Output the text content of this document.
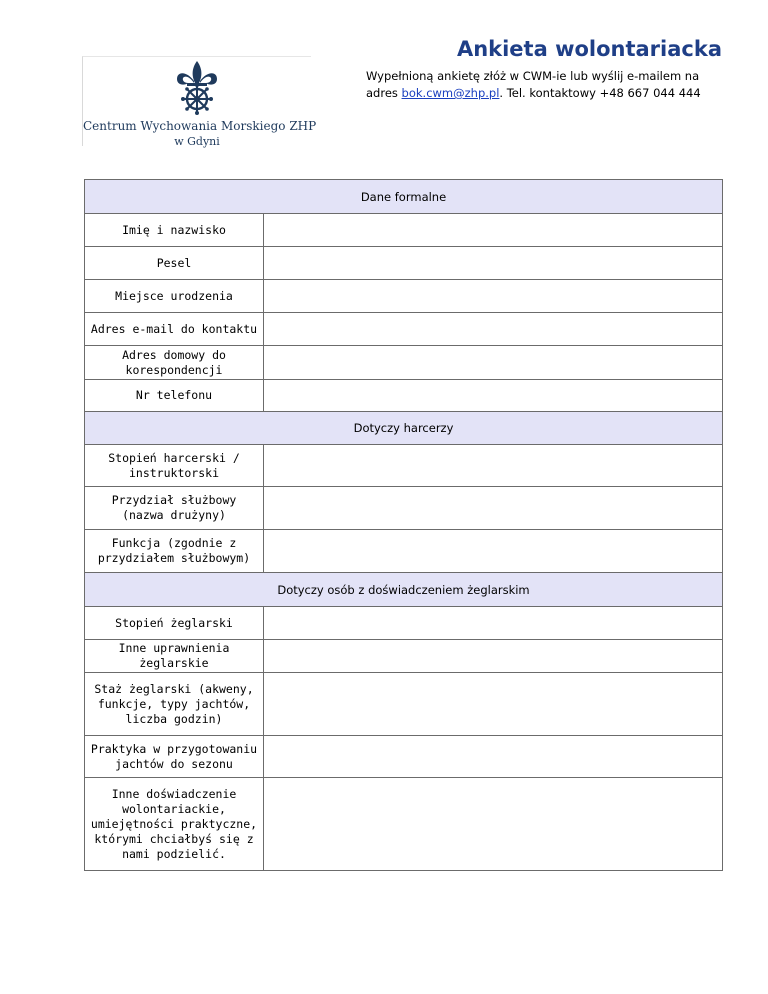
Centrum Wychowania Morskiego ZHP
w Gdyni
Ankieta wolontariacka
Wypełnioną ankietę złóż w CWM-ie lub wyślij e-mailem na adres bok.cwm@zhp.pl. Tel. kontaktowy +48 667 044 444
Dane formalne	
Imię i nazwisko	
Pesel	
Miejsce urodzenia	
Adres e-mail do kontaktu	
Adres domowy do korespondencji	
Nr telefonu	
Dotyczy harcerzy	
Stopień harcerski / instruktorski	
Przydział służbowy (nazwa drużyny)	
Funkcja (zgodnie z przydziałem służbowym)	
Dotyczy osób z doświadczeniem żeglarskim	
Stopień żeglarski	
Inne uprawnienia żeglarskie	
Staż żeglarski (akweny, funkcje, typy jachtów, liczba godzin)	
Praktyka w przygotowaniu jachtów do sezonu	
Inne doświadczenie wolontariackie, umiejętności praktyczne, którymi chciałbyś się z nami podzielić.	
